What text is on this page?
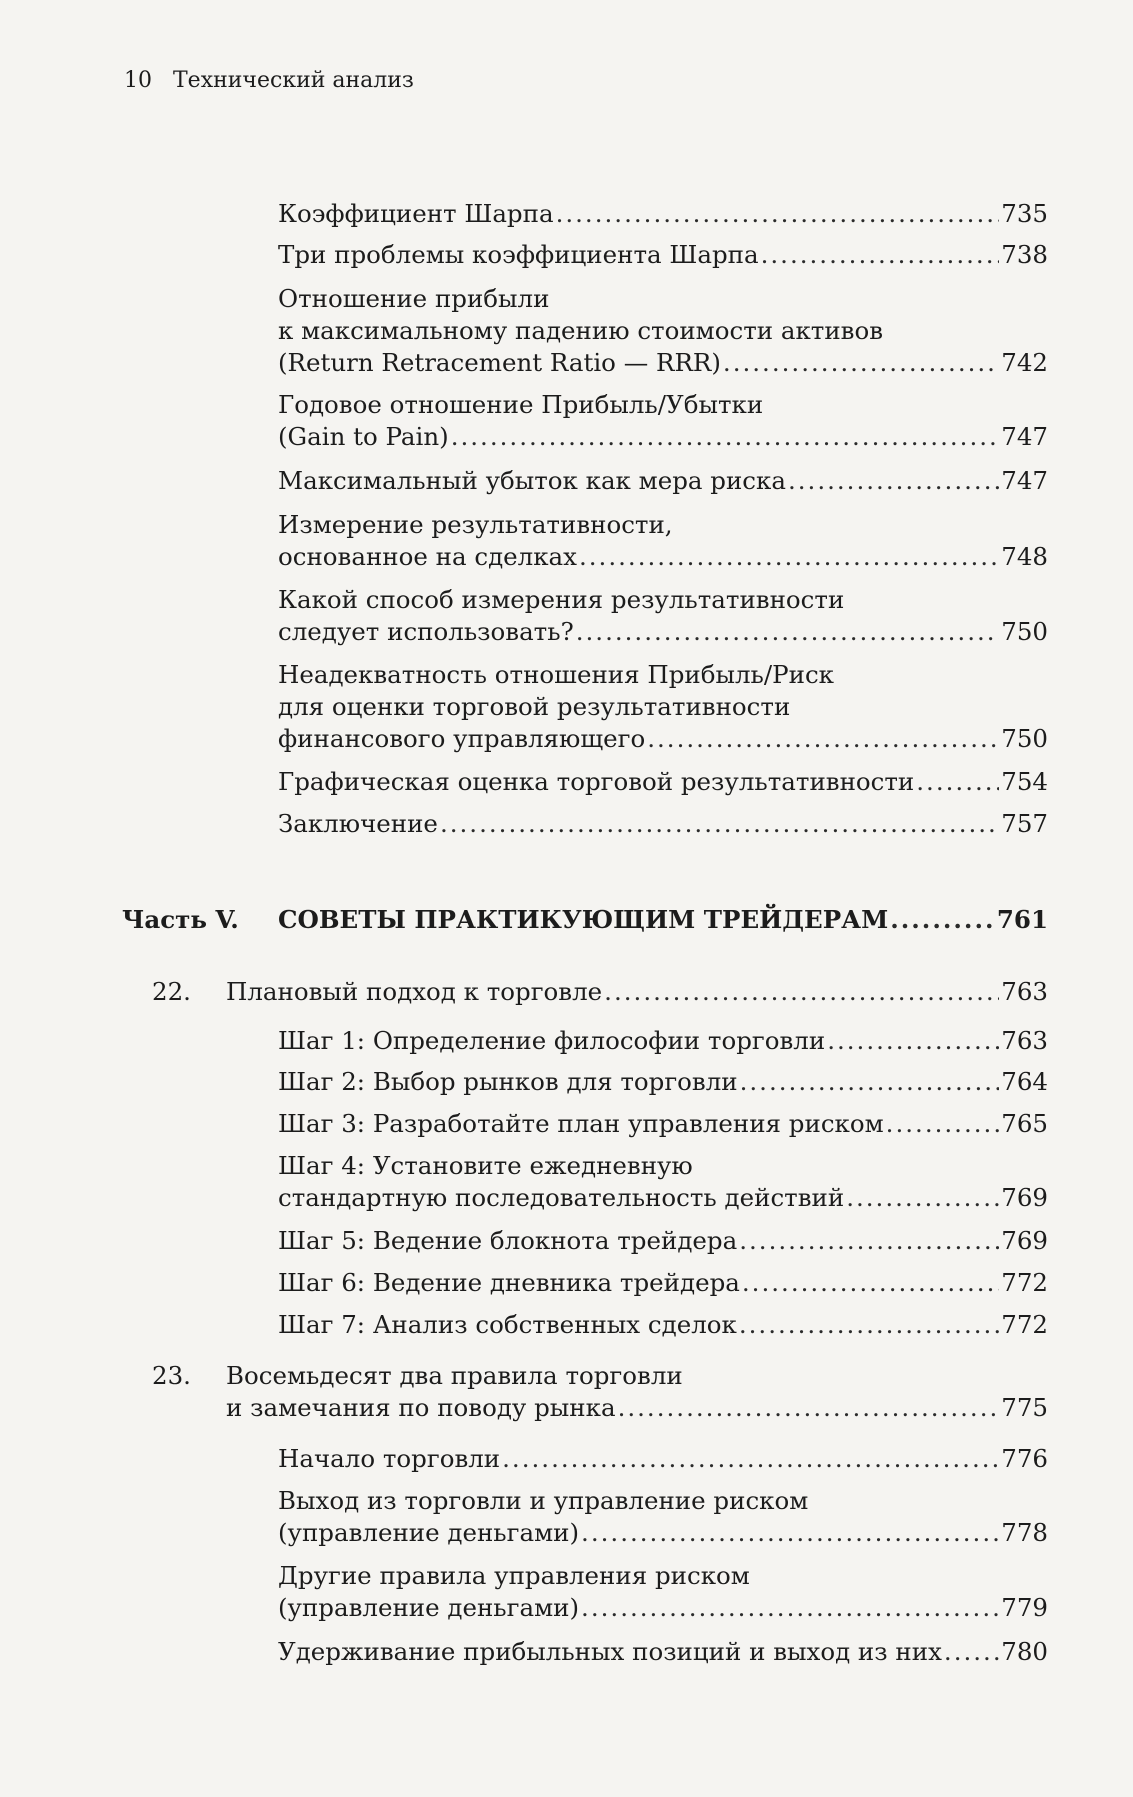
10 Технический анализ
Коэффициент Шарпа .....	735
Три проблемы коэффициента Шарпа .....	738
Отношение прибыли
к максимальному падению стоимости активов
(Return Retracement Ratio — RRR) .....	742
Годовое отношение Прибыль/Убытки
(Gain to Pain) .....	747
Максимальный убыток как мера риска .....	747
Измерение результативности,
основанное на сделках .....	748
Какой способ измерения результативности
следует использовать? .....	750
Неадекватность отношения Прибыль/Риск
для оценки торговой результативности
финансового управляющего .....	750
Графическая оценка торговой результативности .....	754
Заключение .....	757
Часть V. СОВЕТЫ ПРАКТИКУЮЩИМ ТРЕЙДЕРАМ .....	761
22. Плановый подход к торговле .....	763
Шаг 1: Определение философии торговли .....	763
Шаг 2: Выбор рынков для торговли .....	764
Шаг 3: Разработайте план управления риском .....	765
Шаг 4: Установите ежедневную
стандартную последовательность действий .....	769
Шаг 5: Ведение блокнота трейдера .....	769
Шаг 6: Ведение дневника трейдера .....	772
Шаг 7: Анализ собственных сделок .....	772
23. Восемьдесят два правила торговли
и замечания по поводу рынка .....	775
Начало торговли .....	776
Выход из торговли и управление риском
(управление деньгами) .....	778
Другие правила управления риском
(управление деньгами) .....	779
Удерживание прибыльных позиций и выход из них ..... 780
